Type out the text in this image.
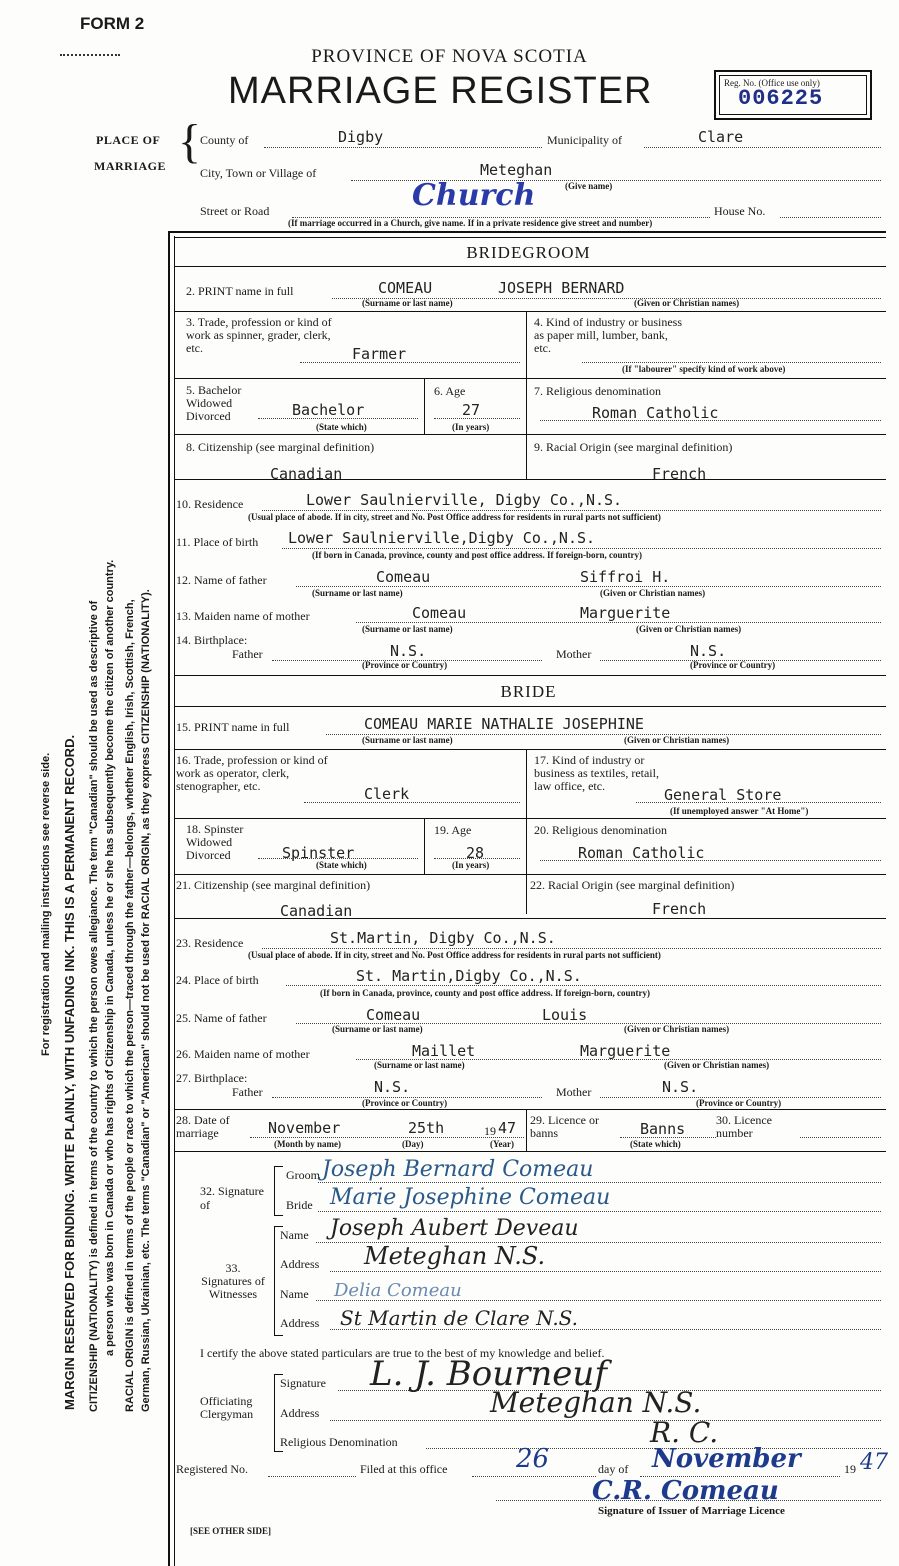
FORM 2
PROVINCE OF NOVA SCOTIA
MARRIAGE REGISTER	Reg. No. (Office use only)
006225
PLACE OF
MARRIAGE {
County of	Digby	Municipality of	Clare
City, Town or Village of	Meteghan
(Give name)
Street or Road	Church	House No.
(If marriage occurred in a Church, give name. If in a private residence give street and number)
For registration and mailing instructions see reverse side. MARGIN RESERVED FOR BINDING. WRITE PLAINLY, WITH UNFADING INK. THIS IS A PERMANENT RECORD. CITIZENSHIP (NATIONALITY) is defined in terms of the country to which the person owes allegiance. The term "Canadian" should be used as descriptive of a person who was born in Canada or who has rights of Citizenship in Canada, unless he or she has subsequently become the citizen of another country. RACIAL ORIGIN is defined in terms of the people or race to which the person—traced through the father—belongs, whether English, Irish, Scottish, French, German, Russian, Ukrainian, etc. The terms "Canadian" or "American" should not be used for RACIAL ORIGIN, as they express CITIZENSHIP (NATIONALITY).
BRIDEGROOM
2. PRINT name in full	COMEAU	JOSEPH BERNARD
(Surname or last name)	(Given or Christian names)
3. Trade, profession or kind of work as spinner, grader, clerk, etc.	Farmer
4. Kind of industry or business as paper mill, lumber, bank, etc.
(If "labourer" specify kind of work above)
5. Bachelor Widowed Divorced	Bachelor
(State which)
6. Age
27
(In years)
7. Religious denomination
Roman Catholic
8. Citizenship (see marginal definition)
Canadian
9. Racial Origin (see marginal definition)
French
10. Residence	Lower Saulnierville, Digby Co.,N.S.
(Usual place of abode. If in city, street and No. Post Office address for residents in rural parts not sufficient)
11. Place of birth Lower Saulnierville,Digby Co.,N.S.
(If born in Canada, province, county and post office address. If foreign-born, country)
12. Name of father	Comeau	Siffroi H.
(Surname or last name)	(Given or Christian names)
13. Maiden name of mother	Comeau	Marguerite
(Surname or last name)	(Given or Christian names)
14. Birthplace:
Father	N.S.	Mother	N.S.
(Province or Country)	(Province or Country)
BRIDE
15. PRINT name in full	COMEAU MARIE NATHALIE JOSEPHINE
(Surname or last name)	(Given or Christian names)
16. Trade, profession or kind of work as operator, clerk, stenographer, etc.	Clerk
17. Kind of industry or business as textiles, retail, law office, etc.	General Store
(If unemployed answer "At Home")
18. Spinster Widowed Divorced	Spinster
(State which)
19. Age
28
(In years)
20. Religious denomination
Roman Catholic
21. Citizenship (see marginal definition)
Canadian
22. Racial Origin (see marginal definition)
French
23. Residence	St.Martin, Digby Co.,N.S.
(Usual place of abode. If in city, street and No. Post Office address for residents in rural parts not sufficient)
24. Place of birth	St. Martin,Digby Co.,N.S.
(If born in Canada, province, county and post office address. If foreign-born, country)
25. Name of father	Comeau	Louis
(Surname or last name)	(Given or Christian names)
26. Maiden name of mother	Maillet	Marguerite
(Surname or last name)	(Given or Christian names)
27. Birthplace:
Father	N.S.	Mother	N.S.
(Province or Country)	(Province or Country)
28. Date of marriage	November	25th	19 47
(Month by name)	(Day)	(Year)
29. Licence or banns	Banns
(State which)
30. Licence number
32. Signature of
Groom Joseph Bernard Comeau
Bride Marie Josephine Comeau
33. Signatures of Witnesses
Name Joseph Aubert Deveau
Address Meteghan N.S.
Name Delia Comeau
Address St Martin de Clare N.S.
I certify the above stated particulars are true to the best of my knowledge and belief.
Officiating Clergyman
Signature L. J. Bourneuf
Address	Meteghan N.S.
Religious Denomination	R. C.
Registered No.	Filed at this office	26	day of November	19 47
C.R. Comeau
Signature of Issuer of Marriage Licence
[SEE OTHER SIDE]
